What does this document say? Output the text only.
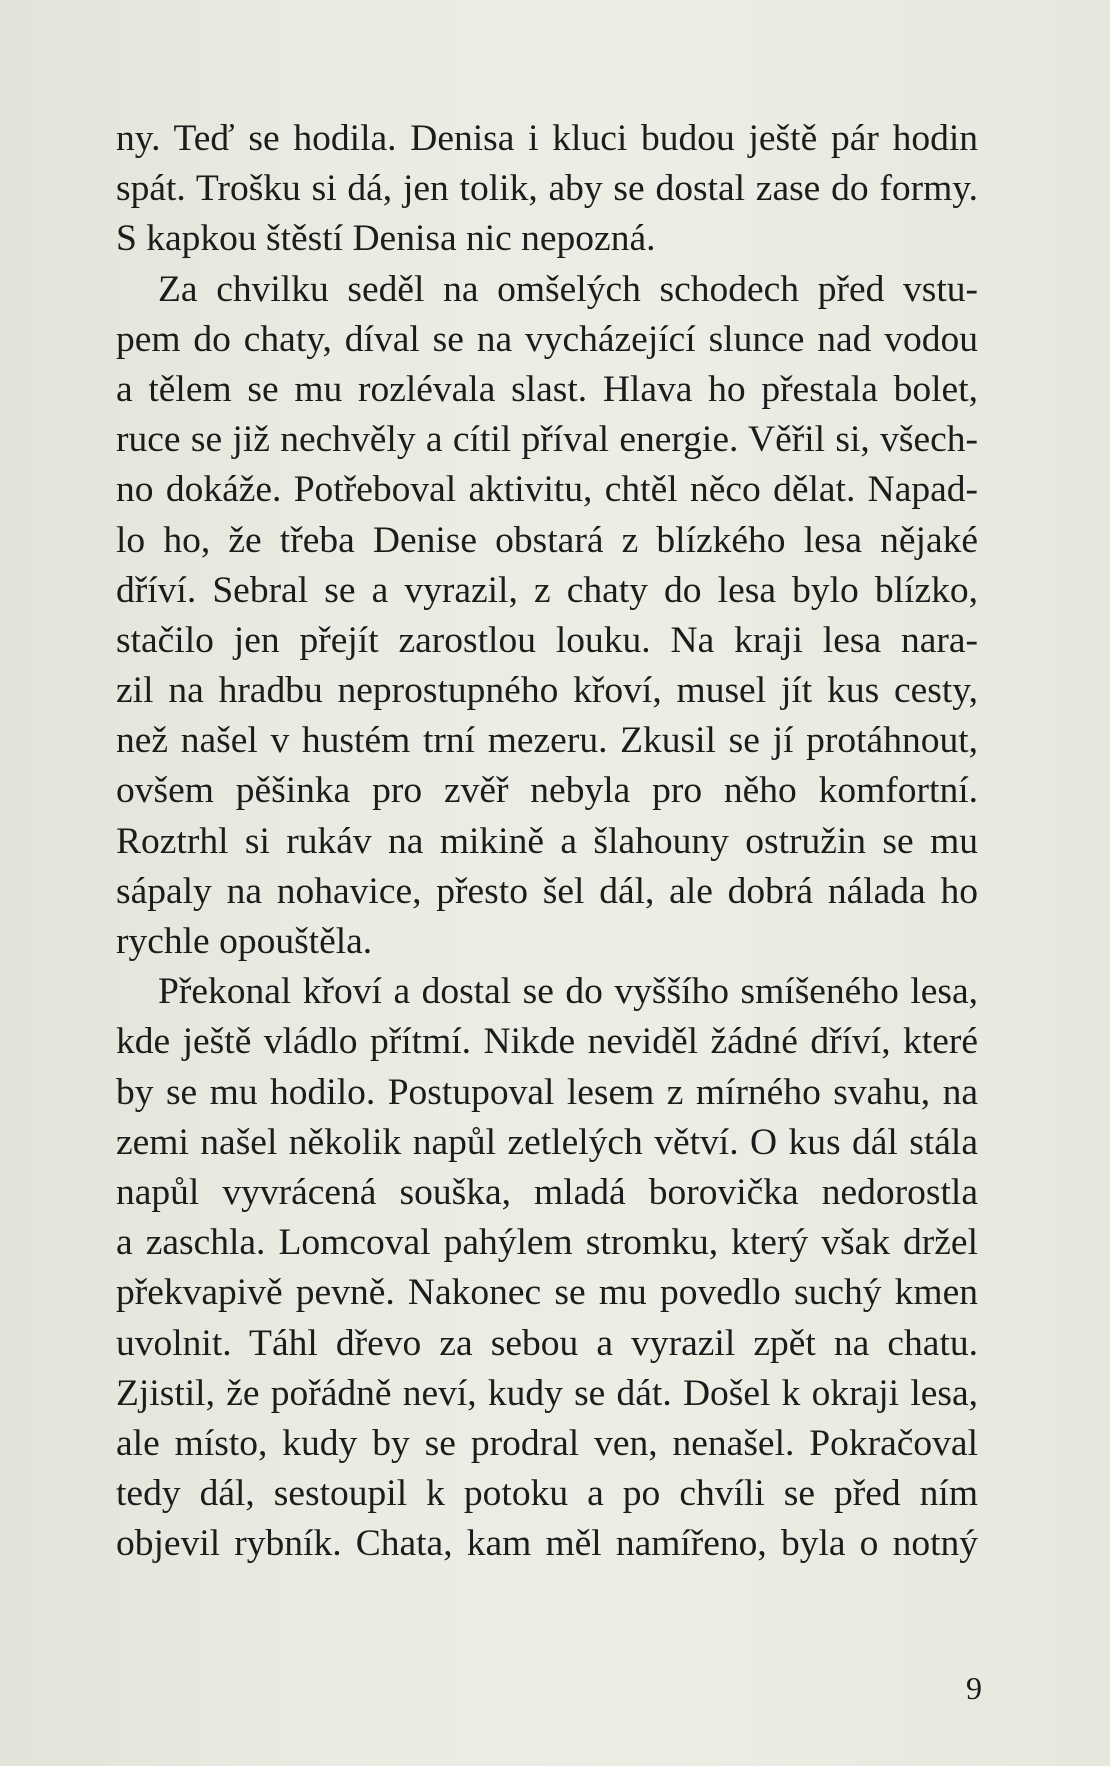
ny. Teď se hodila. Denisa i kluci budou ještě pár hodin
spát. Trošku si dá, jen tolik, aby se dostal zase do formy.
S kapkou štěstí Denisa nic nepozná.
Za chvilku seděl na omšelých schodech před vstu-
pem do chaty, díval se na vycházející slunce nad vodou
a tělem se mu rozlévala slast. Hlava ho přestala bolet,
ruce se již nechvěly a cítil příval energie. Věřil si, všech-
no dokáže. Potřeboval aktivitu, chtěl něco dělat. Napad-
lo ho, že třeba Denise obstará z blízkého lesa nějaké
dříví. Sebral se a vyrazil, z chaty do lesa bylo blízko,
stačilo jen přejít zarostlou louku. Na kraji lesa nara-
zil na hradbu neprostupného křoví, musel jít kus cesty,
než našel v hustém trní mezeru. Zkusil se jí protáhnout,
ovšem pěšinka pro zvěř nebyla pro něho komfortní.
Roztrhl si rukáv na mikině a šlahouny ostružin se mu
sápaly na nohavice, přesto šel dál, ale dobrá nálada ho
rychle opouštěla.
Překonal křoví a dostal se do vyššího smíšeného lesa,
kde ještě vládlo přítmí. Nikde neviděl žádné dříví, které
by se mu hodilo. Postupoval lesem z mírného svahu, na
zemi našel několik napůl zetlelých větví. O kus dál stála
napůl vyvrácená souška, mladá borovička nedorostla
a zaschla. Lomcoval pahýlem stromku, který však držel
překvapivě pevně. Nakonec se mu povedlo suchý kmen
uvolnit. Táhl dřevo za sebou a vyrazil zpět na chatu.
Zjistil, že pořádně neví, kudy se dát. Došel k okraji lesa,
ale místo, kudy by se prodral ven, nenašel. Pokračoval
tedy dál, sestoupil k potoku a po chvíli se před ním
objevil rybník. Chata, kam měl namířeno, byla o notný
9
